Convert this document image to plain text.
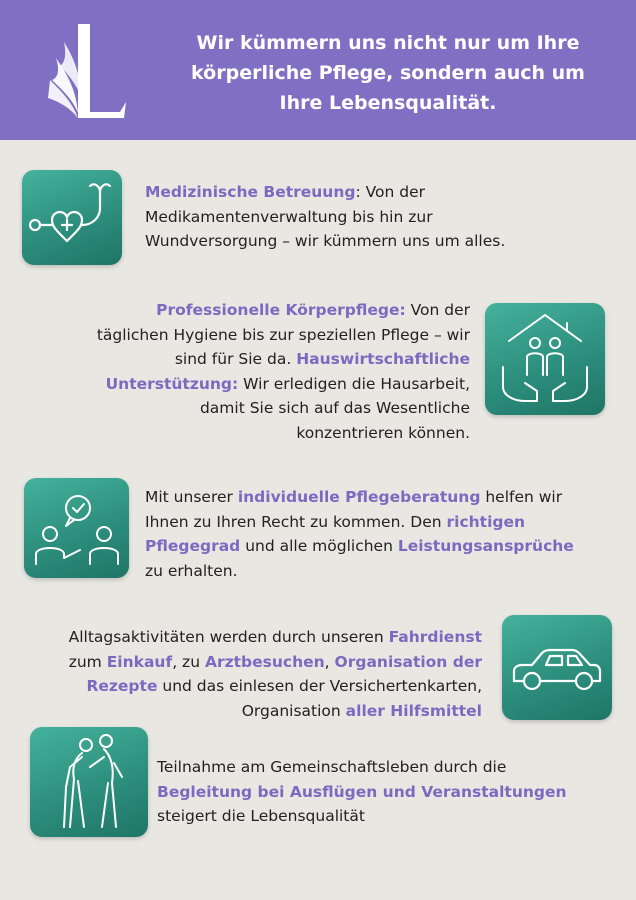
Wir kümmern uns nicht nur um Ihre
körperliche Pflege, sondern auch um
Ihre Lebensqualität.
Medizinische Betreuung: Von der
Medikamentenverwaltung bis hin zur
Wundversorgung – wir kümmern uns um alles.
Professionelle Körperpflege: Von der
täglichen Hygiene bis zur speziellen Pflege – wir
sind für Sie da. Hauswirtschaftliche
Unterstützung: Wir erledigen die Hausarbeit,
damit Sie sich auf das Wesentliche
konzentrieren können.
Mit unserer individuelle Pflegeberatung helfen wir
Ihnen zu Ihren Recht zu kommen. Den richtigen
Pflegegrad und alle möglichen Leistungsansprüche
zu erhalten.
Alltagsaktivitäten werden durch unseren Fahrdienst
zum Einkauf, zu Arztbesuchen, Organisation der
Rezepte und das einlesen der Versichertenkarten,
Organisation aller Hilfsmittel
Teilnahme am Gemeinschaftsleben durch die
Begleitung bei Ausflügen und Veranstaltungen
steigert die Lebensqualität
